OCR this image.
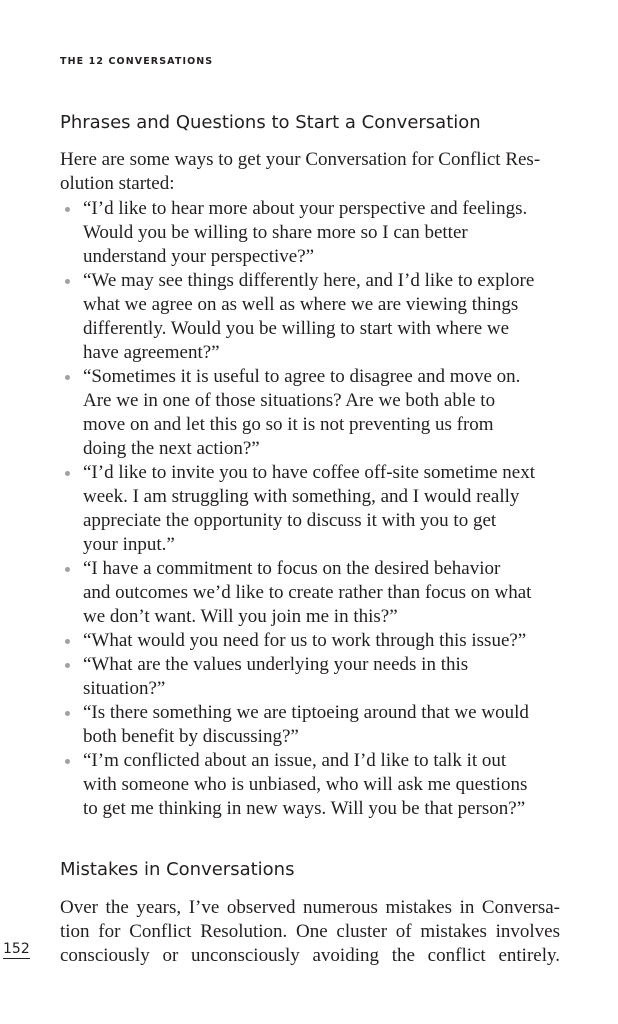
THE 12 CONVERSATIONS
Phrases and Questions to Start a Conversation

Here are some ways to get your Conversation for Conflict Res-
olution started:

“I’d like to hear more about your perspective and feelings.
Would you be willing to share more so I can better
understand your perspective?”
“We may see things differently here, and I’d like to explore
what we agree on as well as where we are viewing things
differently. Would you be willing to start with where we
have agreement?”
“Sometimes it is useful to agree to disagree and move on.
Are we in one of those situations? Are we both able to
move on and let this go so it is not preventing us from
doing the next action?”
“I’d like to invite you to have coffee off-site sometime next
week. I am struggling with something, and I would really
appreciate the opportunity to discuss it with you to get
your input.”
“I have a commitment to focus on the desired behavior
and outcomes we’d like to create rather than focus on what
we don’t want. Will you join me in this?”
“What would you need for us to work through this issue?”
“What are the values underlying your needs in this
situation?”
“Is there something we are tiptoeing around that we would
both benefit by discussing?”
“I’m conflicted about an issue, and I’d like to talk it out
with someone who is unbiased, who will ask me questions
to get me thinking in new ways. Will you be that person?”
Mistakes in Conversations

Over the years, I’ve observed numerous mistakes in Conversa-
tion for Conflict Resolution. One cluster of mistakes involves
consciously or unconsciously avoiding the conflict entirely.

152
